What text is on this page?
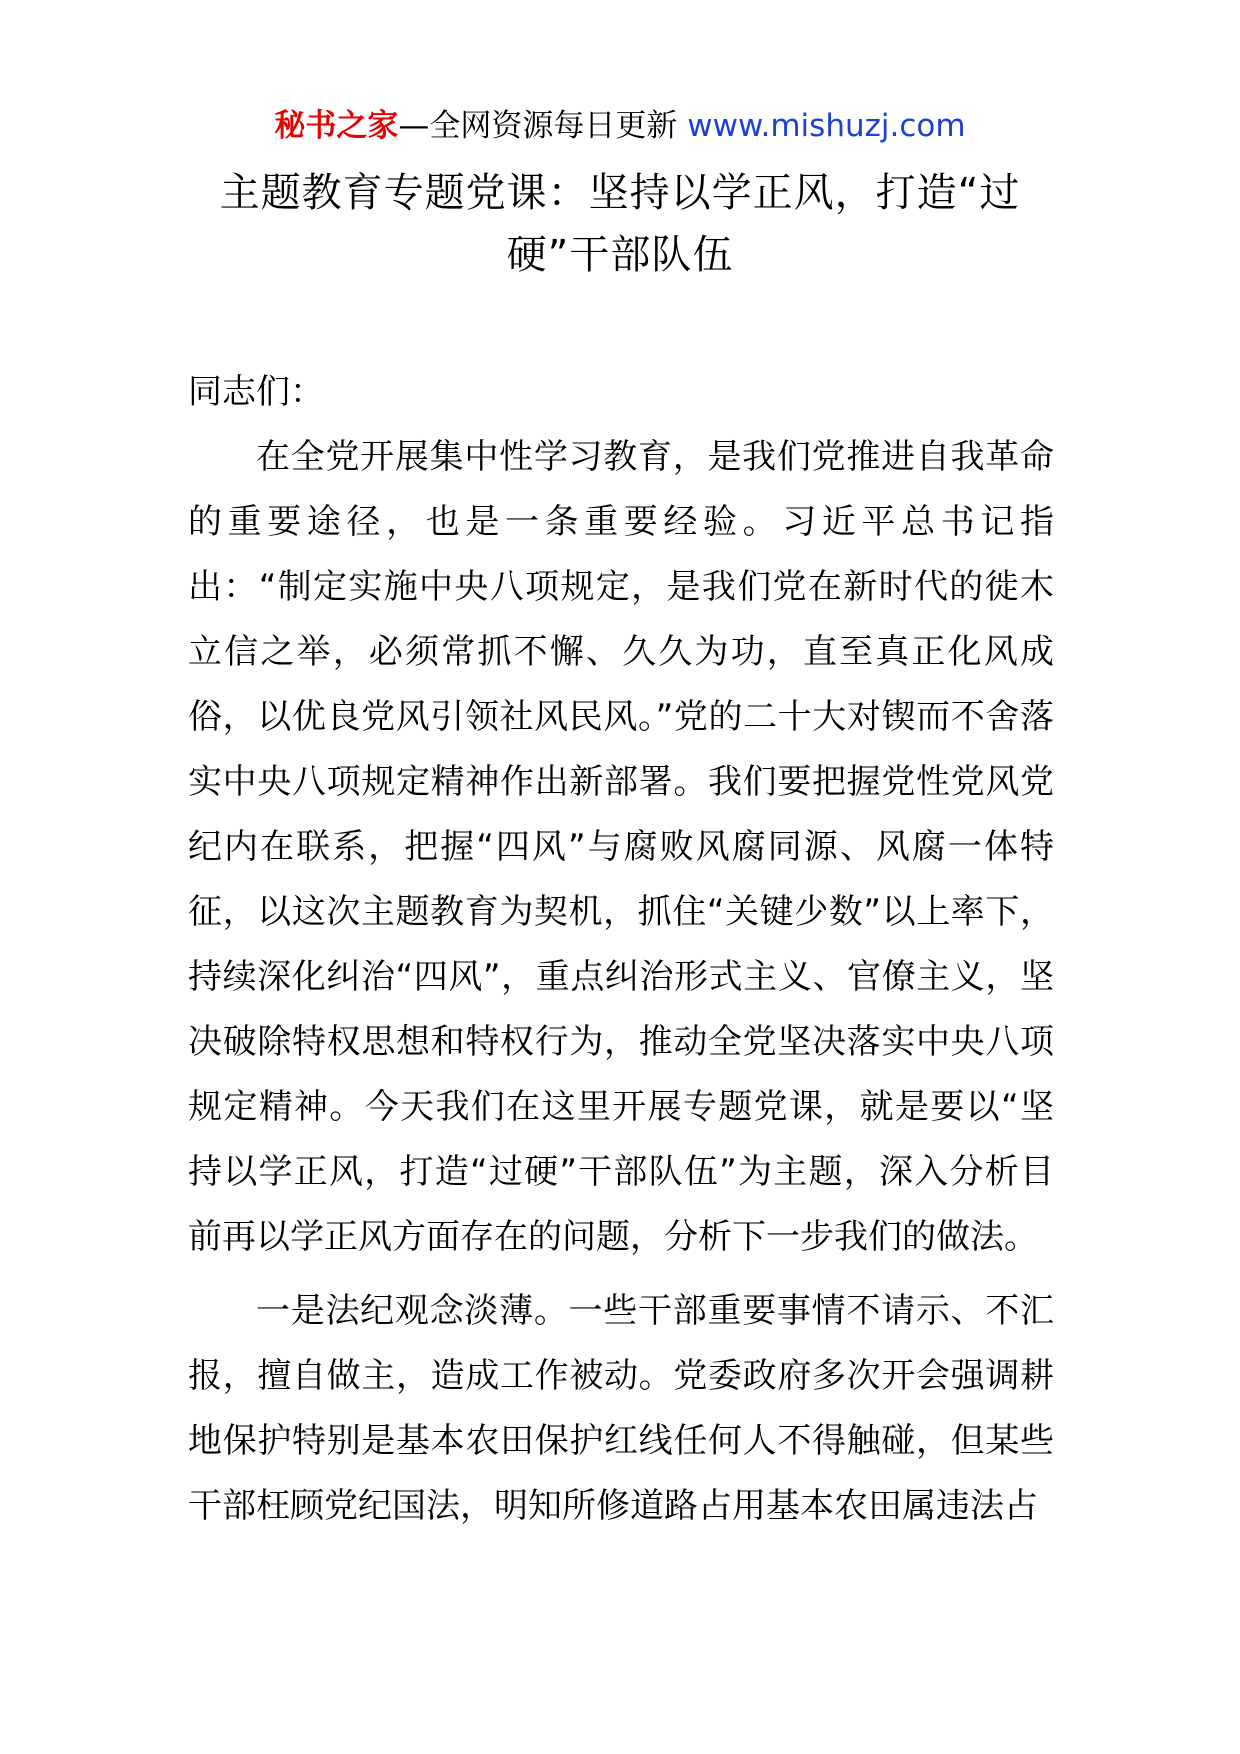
秘书之家—全网资源每日更新 www.mishuzj.com
主题教育专题党课：坚持以学正风，打造“过硬”干部队伍

同志们：

在全党开展集中性学习教育，是我们党推进自我革命的重要途径，也是一条重要经验。习近平总书记指出：“制定实施中央八项规定，是我们党在新时代的徙木立信之举，必须常抓不懈、久久为功，直至真正化风成俗，以优良党风引领社风民风。”党的二十大对锲而不舍落实中央八项规定精神作出新部署。我们要把握党性党风党纪内在联系，把握“四风”与腐败风腐同源、风腐一体特征，以这次主题教育为契机，抓住“关键少数”以上率下，持续深化纠治“四风”，重点纠治形式主义、官僚主义，坚决破除特权思想和特权行为，推动全党坚决落实中央八项规定精神。今天我们在这里开展专题党课，就是要以“坚持以学正风，打造“过硬”干部队伍”为主题，深入分析目前再以学正风方面存在的问题，分析下一步我们的做法。

一是法纪观念淡薄。一些干部重要事情不请示、不汇报，擅自做主，造成工作被动。党委政府多次开会强调耕地保护特别是基本农田保护红线任何人不得触碰，但某些干部枉顾党纪国法，明知所修道路占用基本农田属违法占
